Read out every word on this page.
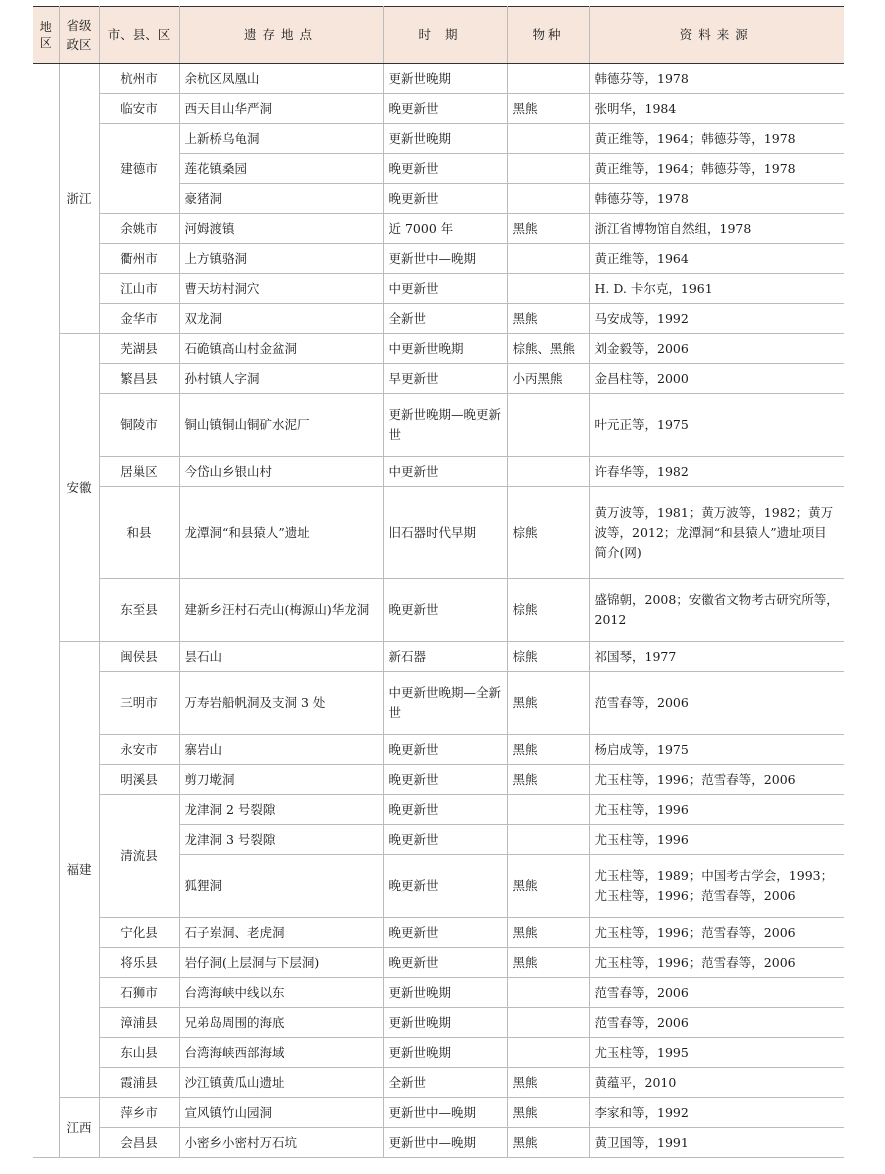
地区	省级政区	市、县、区	遗存地点	时期	物种	资料来源
	浙江	杭州市	余杭区凤凰山	更新世晚期		韩德芬等，1978
		临安市	西天目山华严洞	晚更新世	黑熊	张明华，1984
		建德市	上新桥乌龟洞	更新世晚期		黄正维等，1964；韩德芬等，1978
			莲花镇桑园	晚更新世		黄正维等，1964；韩德芬等，1978
			豪猪洞	晚更新世		韩德芬等，1978
		余姚市	河姆渡镇	近 7000 年	黑熊	浙江省博物馆自然组，1978
		衢州市	上方镇骆洞	更新世中—晚期		黄正维等，1964
		江山市	曹天坊村洞穴	中更新世		H. D. 卡尔克，1961
		金华市	双龙洞	全新世	黑熊	马安成等，1992
	安徽	芜湖县	石硊镇高山村金盆洞	中更新世晚期	棕熊、黑熊	刘金毅等，2006
		繁昌县	孙村镇人字洞	早更新世	小丙黑熊	金昌柱等，2000
		铜陵市	铜山镇铜山铜矿水泥厂	更新世晚期—晚更新世		叶元正等，1975
		居巢区	今岱山乡银山村	中更新世		许春华等，1982
		和县	龙潭洞“和县猿人”遗址	旧石器时代早期	棕熊	黄万波等，1981；黄万波等，1982；黄万波等，2012；龙潭洞“和县猿人”遗址项目简介(网)
		东至县	建新乡汪村石壳山(梅源山)华龙洞	晚更新世	棕熊	盛锦朝，2008；安徽省文物考古研究所等，2012
	福建	闽侯县	昙石山	新石器	棕熊	祁国琴，1977
		三明市	万寿岩船帆洞及支洞 3 处	中更新世晚期—全新世	黑熊	范雪春等，2006
		永安市	寨岩山	晚更新世	黑熊	杨启成等，1975
		明溪县	剪刀墘洞	晚更新世	黑熊	尤玉柱等，1996；范雪春等，2006
		清流县	龙津洞 2 号裂隙	晚更新世		尤玉柱等，1996
			龙津洞 3 号裂隙	晚更新世		尤玉柱等，1996
			狐狸洞	晚更新世	黑熊	尤玉柱等，1989；中国考古学会，1993；尤玉柱等，1996；范雪春等，2006
		宁化县	石子岽洞、老虎洞	晚更新世	黑熊	尤玉柱等，1996；范雪春等，2006
		将乐县	岩仔洞(上层洞与下层洞)	晚更新世	黑熊	尤玉柱等，1996；范雪春等，2006
		石狮市	台湾海峡中线以东	更新世晚期		范雪春等，2006
		漳浦县	兄弟岛周围的海底	更新世晚期		范雪春等，2006
		东山县	台湾海峡西部海域	更新世晚期		尤玉柱等，1995
		霞浦县	沙江镇黄瓜山遗址	全新世	黑熊	黄蕴平，2010
	江西	萍乡市	宣风镇竹山园洞	更新世中—晚期	黑熊	李家和等，1992
		会昌县	小密乡小密村万石坑	更新世中—晚期	黑熊	黄卫国等，1991
